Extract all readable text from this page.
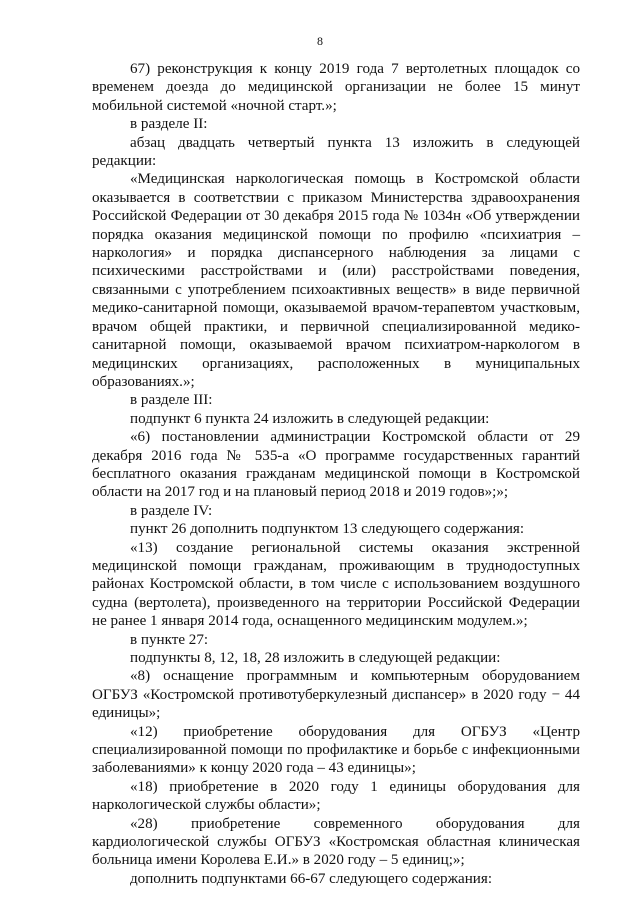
8

67) реконструкция к концу 2019 года 7 вертолетных площадок со временем доезда до медицинской организации не более 15 минут мобильной системой «ночной старт.»;

в разделе II:

абзац двадцать четвертый пункта 13 изложить в следующей редакции:

«Медицинская наркологическая помощь в Костромской области оказывается в соответствии с приказом Министерства здравоохранения Российской Федерации от 30 декабря 2015 года № 1034н «Об утверждении порядка оказания медицинской помощи по профилю «психиатрия – наркология» и порядка диспансерного наблюдения за лицами с психическими расстройствами и (или) расстройствами поведения, связанными с употреблением психоактивных веществ» в виде первичной медико-санитарной помощи, оказываемой врачом-терапевтом участковым, врачом общей практики, и первичной специализированной медико-санитарной помощи, оказываемой врачом психиатром-наркологом в медицинских организациях, расположенных в муниципальных образованиях.»;

в разделе III:

подпункт 6 пункта 24 изложить в следующей редакции:

«6) постановлении администрации Костромской области от 29 декабря 2016 года № 535-а «О программе государственных гарантий бесплатного оказания гражданам медицинской помощи в Костромской области на 2017 год и на плановый период 2018 и 2019 годов»;»;

в разделе IV:

пункт 26 дополнить подпунктом 13 следующего содержания:

«13) создание региональной системы оказания экстренной медицинской помощи гражданам, проживающим в труднодоступных районах Костромской области, в том числе с использованием воздушного судна (вертолета), произведенного на территории Российской Федерации не ранее 1 января 2014 года, оснащенного медицинским модулем.»;

в пункте 27:

подпункты 8, 12, 18, 28 изложить в следующей редакции:

«8) оснащение программным и компьютерным оборудованием ОГБУЗ «Костромской противотуберкулезный диспансер» в 2020 году − 44 единицы»;

«12) приобретение оборудования для ОГБУЗ «Центр специализированной помощи по профилактике и борьбе с инфекционными заболеваниями» к концу 2020 года – 43 единицы»;

«18) приобретение в 2020 году 1 единицы оборудования для наркологической службы области»;

«28) приобретение современного оборудования для кардиологической службы ОГБУЗ «Костромская областная клиническая больница имени Королева Е.И.» в 2020 году – 5 единиц;»;

дополнить подпунктами 66-67 следующего содержания:
